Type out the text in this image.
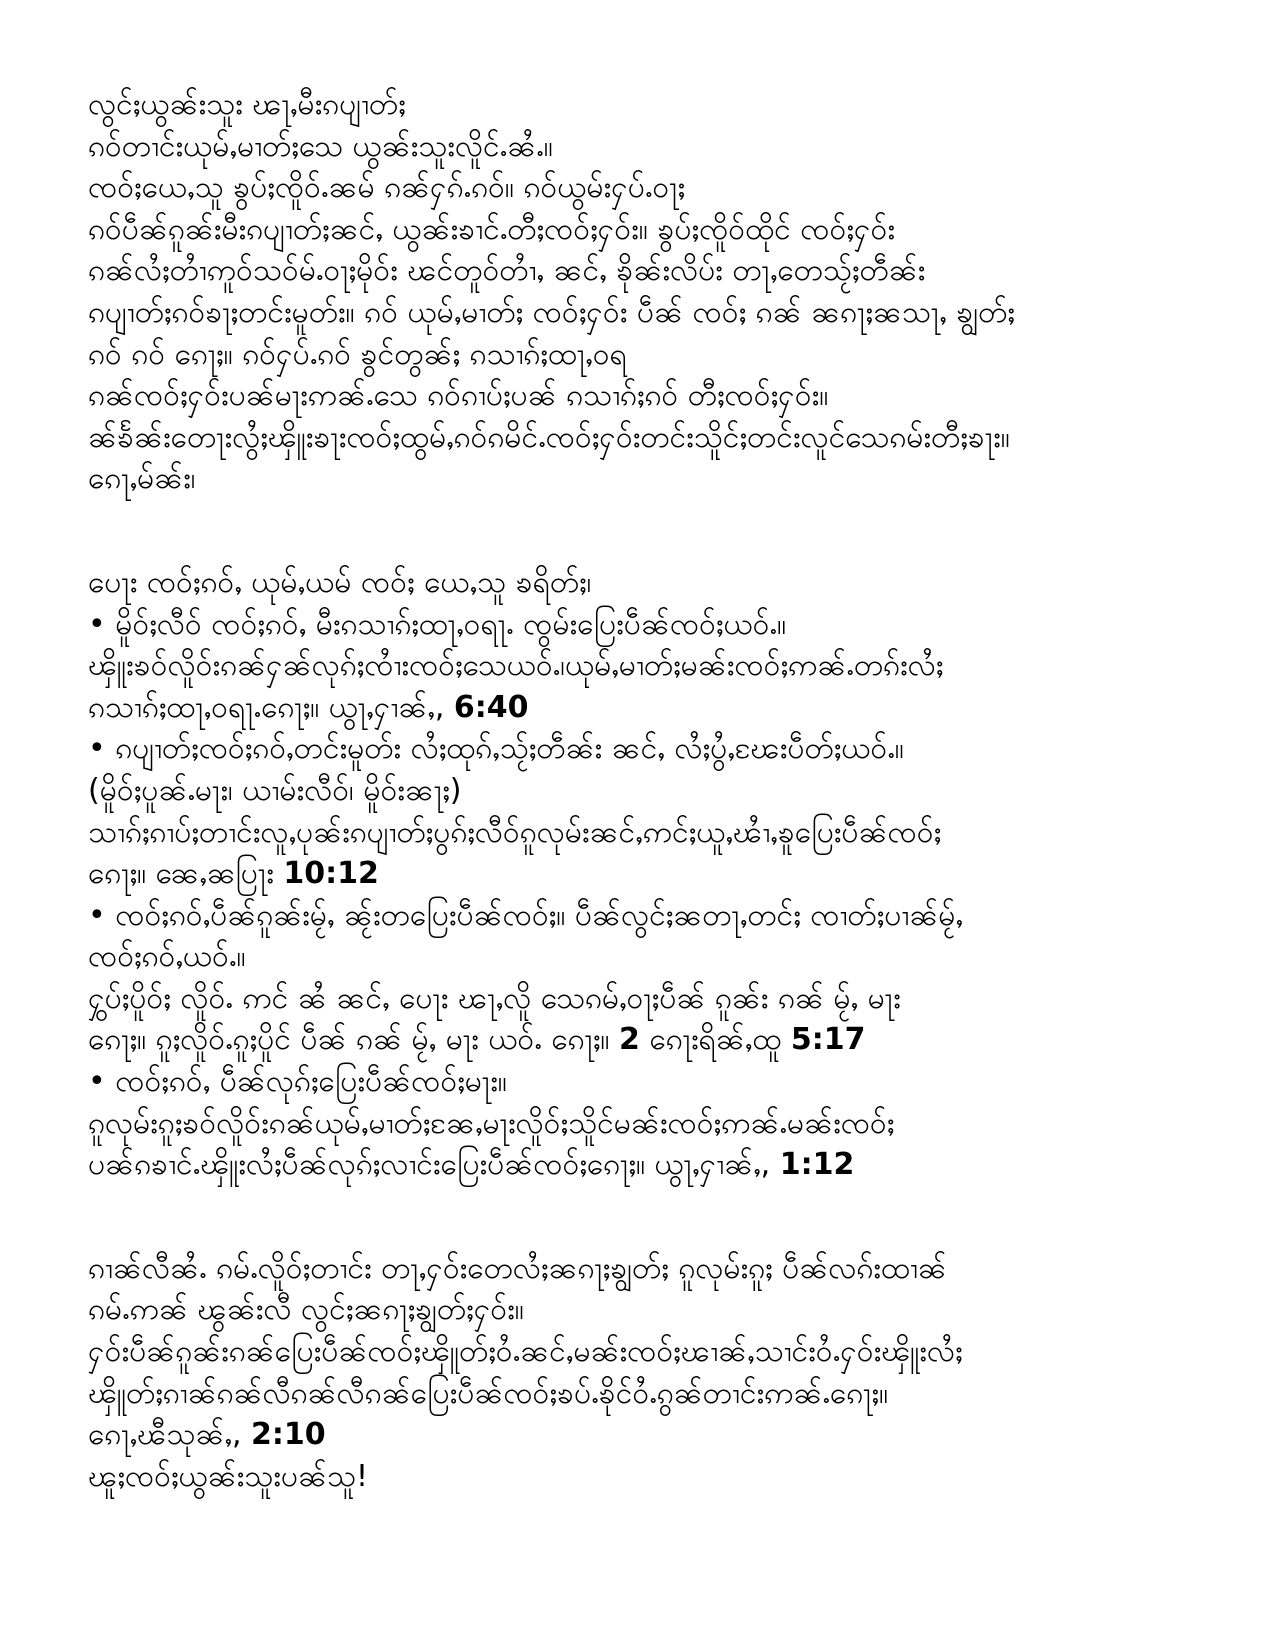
လွင်ႈယွၼ်းသူး ၽႃႇမီးၵပျၢတ်ႈ
ၵဝ်တၢင်းယုမ်ႇမၢတ်ႈသေ ယွၼ်းသူးလိူင်ႉၼႆႉ။
ၸဝ်ႈယေႇသူ ၶွပ်ႈၸိူဝ်ႉၼမ် ၵၼ်ႁၵ်ႉၵဝ်။ ၵဝ်ယွမ်းႁပ်ႉဝႃႈ
ၵဝ်ပဵၼ်ၵူၼ်းမီးၵပျၢတ်ႈၼင်ႇ ယွၼ်းၶၢင်ႉတီႈၸဝ်ႈႁဝ်း။ ၶွပ်ႈၸိူဝ်ထိုင် ၸဝ်ႈႁဝ်း
ၵၼ်လႆႈတၢႆဢူဝ်သဝ်မ်ႉဝႃႈမိုဝ်း ၽင်တူဝ်တၢႆႇ ၼင်ႇ ၶိုၼ်းလိပ်း တႃႇတေသႂ်ႈတဵၼ်း
ၵပျၢတ်ႈၵဝ်ၶႃႈတင်းမူတ်း။ ၵဝ် ယုမ်ႇမၢတ်ႈ ၸဝ်ႈႁဝ်း ပဵၼ် ၸဝ်ႈ ၵၼ် ၼၵႃႈၼသႃႇ ၶျွတ်ႈ
ၵဝ် ၵဝ် ၵေႃႈ။ ၵဝ်ႁပ်ႉၵဝ် ၶွင်တွၼ်ႈ ၵသၢၵ်ႈထႃႇဝရ
ၵၼ်ၸဝ်ႈႁဝ်းပၼ်မႃးဢၼ်ႉသေ ၵဝ်ၵၢပ်ႈပၼ် ၵသၢၵ်ႈၵဝ် တီႈၸဝ်ႈႁဝ်း။
ၼ်ၶႅၼ်းတေႃးလွႆႈၾိူးၶႃးၸဝ်ႈထွမ်ႇၵဝ်ၵမိင်ႉၸဝ်ႈႁဝ်းတင်းသိူင်ႈတင်းလူင်သေၵမ်းတီႈၶႃး။
ၵေႃႇမ်ၼ်း၊
ပေႃး ၸဝ်ႈၵဝ်ႇ ယုမ်ႇယမ် ၸဝ်ႈ ယေႇသူ ၶရိတ်ႈ၊
• မိူဝ်ႈလီဝ် ၸဝ်ႈၵဝ်ႇ မီးၵသၢၵ်ႈထႃႇဝရႃႉ ၸွမ်းပြေးပဵၼ်ၸဝ်ႈယဝ်ႉ။
ၾိူးၶဝ်လိူဝ်းၵၼ်ႁၼ်လုၵ်ႈၸၢႆးၸဝ်ႈသေယဝ်ႉ၊ယုမ်ႇမၢတ်ႈမၼ်းၸဝ်ႈဢၼ်ႉတၵ်းလႆႈ
ၵသၢၵ်ႈထႃႇဝရႃႉၵေႃႈ။ ယွႃႇႁၢၼ်ႇ, 6:40
• ၵပျၢတ်ႈၸဝ်ႈၵဝ်ႇတင်းမူတ်း လႆႈထုၵ်ႇသႂ်ႈတဵၼ်း ၼင်ႇ လႆႈပွႆႇၽႄးပဵတ်ႈယဝ်ႉ။
(မိူဝ်ႈပူၼ်ႉမႃး၊ ယၢမ်းလီဝ်၊ မိူဝ်းၼႃႈ)
သၢၵ်ႈၵၢပ်ႈတၢင်းလူႇပုၼ်းၵပျၢတ်ႈပွၵ်ႈလီဝ်ၵူလုမ်းၼင်ႇဢင်ႈယူႇၽၢႆႇၶူပြေးပဵၼ်ၸဝ်ႈ
ၵေႃႈ။ ၼေႇၼပြႃး 10:12
• ၸဝ်ႈၵဝ်ႇပဵၼ်ၵူၼ်းမႂ်ႇ ၼႂ်းတပြေးပဵၼ်ၸဝ်ႈ။ ပဵၼ်လွင်ႈၼတႃႇတင်ႈ ၸၢတ်ႈပၢၼ်မႂ်ႇ
ၸဝ်ႈၵဝ်ႇယဝ်ႉ။
ႁွပ်ႈပိူဝ်ႈ လိူဝ်ႉ ဢင် ၼႆ ၼင်ႇ ပေႃး ၽႃႇလိူ သေၵမ်ႇဝႃႈပဵၼ် ၵူၼ်း ၵၼ် မႂ်ႇ မႃး
ၵေႃႈ။ ၵူႈလိူဝ်ႉၵူႈပိူင် ပဵၼ် ၵၼ် မႂ်ႇ မႃး ယဝ်ႉ ၵေႃႈ။ 2 ၵေႃးရိၼ်ႇထူ 5:17
• ၸဝ်ႈၵဝ်ႇ ပဵၼ်လုၵ်ႈပြေးပဵၼ်ၸဝ်ႈမႃး။
ၵူလုမ်းၵူႈၶဝ်လိူဝ်းၵၼ်ယုမ်ႇမၢတ်ႈၼႄႇမႃးလိူဝ်ႈသိူင်မၼ်းၸဝ်ႈဢၼ်ႉမၼ်းၸဝ်ႈ
ပၼ်ၵၶၢင်ႉၾိူးလႆႈပဵၼ်လုၵ်ႈလၢင်းပြေးပဵၼ်ၸဝ်ႈၵေႃႈ။ ယွႃႇႁၢၼ်ႇ, 1:12
ၵၢၼ်လီၼႆႉ ၵမ်ႉလိူဝ်ႈတၢင်း တႃႇႁဝ်းတေလႆႈၼၵႃႈၶျွတ်ႈ ၵူလုမ်းၵူႈ ပဵၼ်လၵ်းထၢၼ်
ၵမ်ႉဢၼ် ၽွၼ်းလီ လွင်ႈၼၵႃႈၶျွတ်ႈႁဝ်း။
ႁဝ်းပဵၼ်ၵူၼ်းၵၼ်ပြေးပဵၼ်ၸဝ်ႈၾိူတ်ႈဝႆႉၼင်ႇမၼ်းၸဝ်ႈၽၢၼ်ႇသၢင်းဝႆႉႁဝ်းၾိူးလႆႈ
ၾိူတ်ႈၵၢၼ်ၵၼ်လီၵၼ်လီၵၼ်ပြေးပဵၼ်ၸဝ်ႈၶပ်ႉၶိုင်ဝႆႉၵွၼ်တၢင်းဢၼ်ႉၵေႃႈ။
ၵေႃႇၽီသုၼ်ႇ, 2:10
ၽူႈၸဝ်ႈယွၼ်းသူးပၼ်သူ!
